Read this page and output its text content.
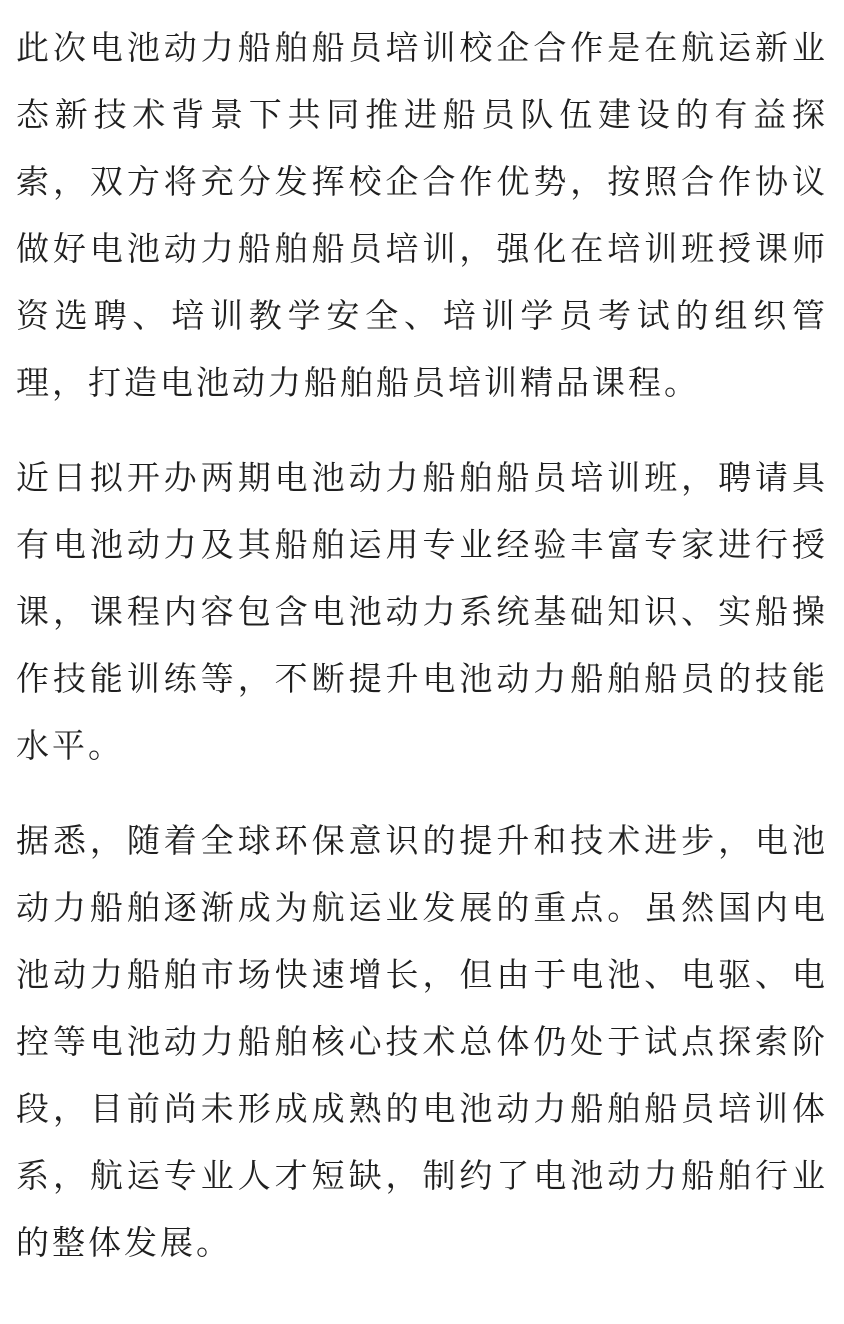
此次电池动力船舶船员培训校企合作是在航运新业
态新技术背景下共同推进船员队伍建设的有益探
索，双方将充分发挥校企合作优势，按照合作协议
做好电池动力船舶船员培训，强化在培训班授课师
资选聘、培训教学安全、培训学员考试的组织管
理，打造电池动力船舶船员培训精品课程。

近日拟开办两期电池动力船舶船员培训班，聘请具
有电池动力及其船舶运用专业经验丰富专家进行授
课，课程内容包含电池动力系统基础知识、实船操
作技能训练等，不断提升电池动力船舶船员的技能
水平。

据悉，随着全球环保意识的提升和技术进步，电池
动力船舶逐渐成为航运业发展的重点。虽然国内电
池动力船舶市场快速增长，但由于电池、电驱、电
控等电池动力船舶核心技术总体仍处于试点探索阶
段，目前尚未形成成熟的电池动力船舶船员培训体
系，航运专业人才短缺，制约了电池动力船舶行业
的整体发展。
